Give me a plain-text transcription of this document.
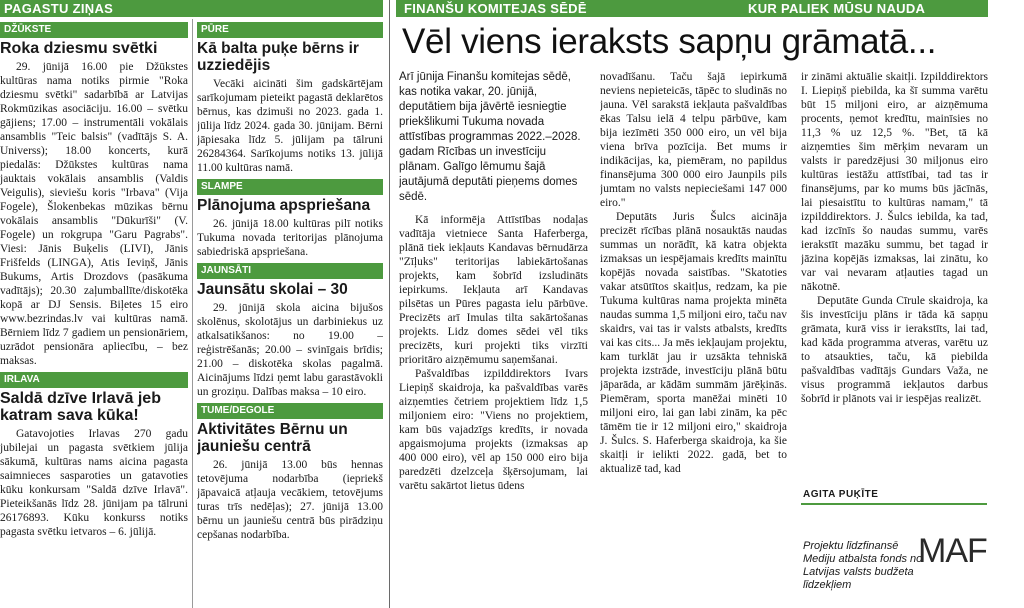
PAGASTU ZIŅAS	FINANŠU KOMITEJAS SĒDĒ	KUR PALIEK MŪSU NAUDA
DŽŪKSTE
Roka dziesmu svētki

29. jūnijā 16.00 pie Džūkstes kultūras nama notiks pirmie "Roka dziesmu svētki" sadarbībā ar Latvijas Rokmūzikas asociāciju. 16.00 – svētku gājiens; 17.00 – instrumentāli vokālais ansamblis "Teic balsis" (vadītājs S. A. Universs); 18.00 koncerts, kurā piedalās: Džūkstes kultūras nama jauktais vokālais ansamblis (Valdis Veigulis), sieviešu koris "Irbava" (Vija Fogele), Šlokenbekas mūzikas bērnu vokālais ansamblis "Dūkurīši" (V. Fogele) un rokgrupa "Garu Pagrabs". Viesi: Jānis Buķelis (LIVI), Jānis Frišfelds (LINGA), Atis Ieviņš, Jānis Bukums, Artis Drozdovs (pasākuma vadītājs); 20.30 zaļumballīte/diskotēka kopā ar DJ Sensis. Biļetes 15 eiro www.bezrindas.lv vai kultūras namā. Bērniem līdz 7 gadiem un pensionāriem, uzrādot pensionāra apliecību, – bez maksas.

IRLAVA
Saldā dzīve Irlavā jeb katram sava kūka!

Gatavojoties Irlavas 270 gadu jubilejai un pagasta svētkiem jūlija sākumā, kultūras nams aicina pagasta saimnieces sasparoties un gatavoties kūku konkursam "Saldā dzīve Irlavā". Pieteikšanās līdz 28. jūnijam pa tālruni 26176893. Kūku konkurss notiks pagasta svētku ietvaros – 6. jūlijā.

PŪRE
Kā balta puķe bērns ir uzziedējis

Vecāki aicināti šim gadskārtējam sarīkojumam pieteikt pagastā deklarētos bērnus, kas dzimuši no 2023. gada 1. jūlija līdz 2024. gada 30. jūnijam. Bērni jāpiesaka līdz 5. jūlijam pa tālruni 26284364. Sarīkojums notiks 13. jūlijā 11.00 kultūras namā.

SLAMPE
Plānojuma apspriešana

26. jūnijā 18.00 kultūras pilī notiks Tukuma novada teritorijas plānojuma sabiedriskā apspriešana.

JAUNSĀTI
Jaunsātu skolai – 30

29. jūnijā skola aicina bijušos skolēnus, skolotājus un darbiniekus uz atkalsatikšanos: no 19.00 – reģistrēšanās; 20.00 – svinīgais brīdis; 21.00 – diskotēka skolas pagalmā. Aicinājums līdzi ņemt labu garastāvokli un groziņu. Dalības maksa – 10 eiro.

TUME/DEGOLE
Aktivitātes Bērnu un jauniešu centrā

26. jūnijā 13.00 būs hennas tetovējuma nodarbība (iepriekš jāpavaicā atļauja vecākiem, tetovējums turas trīs nedēļas); 27. jūnijā 13.00 bērnu un jauniešu centrā būs pirādziņu cepšanas nodarbība.

Vēl viens ieraksts sapņu grāmatā...

Arī jūnija Finanšu komitejas sēdē, kas notika vakar, 20. jūnijā, deputātiem bija jāvērtē iesniegtie priekšlikumi Tukuma novada attīstības programmas 2022.–2028. gadam Rīcības un investīciju plānam. Galīgo lēmumu šajā jautājumā deputāti pieņems domes sēdē.

Kā informēja Attīstības nodaļas vadītāja vietniece Santa Haferberga, plānā tiek iekļauts Kandavas bērnudārza "Zīļuks" teritorijas labiekārtošanas projekts, kam šobrīd izsludināts iepirkums. Iekļauta arī Kandavas pilsētas un Pūres pagasta ielu pārbūve. Precizēts arī Imulas tilta sakārtošanas projekts. Lidz domes sēdei vēl tiks precizēts, kuri projekti tiks virzīti prioritāro aizņēmumu saņemšanai.

Pašvaldības izpilddirektors Ivars Liepiņš skaidroja, ka pašvaldības varēs aizņemties četriem projektiem līdz 1,5 miljoniem eiro: "Viens no projektiem, kam būs vajadzīgs kredīts, ir novada apgaismojuma projekts (izmaksas ap 400 000 eiro), vēl ap 150 000 eiro bija paredzēti dzelzceļa šķērsojumam, lai varētu sakārtot lietus ūdens

novadīšanu. Taču šajā iepirkumā neviens nepieteicās, tāpēc to sludinās no jauna. Vēl sarakstā iekļauta pašvaldības ēkas Talsu ielā 4 telpu pārbūve, kam bija iezīmēti 350 000 eiro, un vēl bija viena brīva pozīcija. Bet mums ir indikācijas, ka, piemēram, no papildus finansējuma 300 000 eiro Jaunpils pils jumtam no valsts nepieciešami 147 000 eiro."

Deputāts Juris Šulcs aicināja precizēt rīcības plānā nosauktās naudas summas un norādīt, kā katra objekta izmaksas un iespējamais kredīts mainītu kopējās novada saistības. "Skatoties vakar atsūtītos skaitļus, redzam, ka pie Tukuma kultūras nama projekta minēta naudas summa 1,5 miljoni eiro, taču nav skaidrs, vai tas ir valsts atbalsts, kredīts vai kas cits... Ja mēs iekļaujam projektu, kam turklāt jau ir uzsākta tehniskā projekta izstrāde, investīciju plānā būtu jāparāda, ar kādām summām jārēķinās. Piemēram, sporta manēžai minēti 10 miljoni eiro, lai gan labi zinām, ka pēc tāmēm tie ir 12 miljoni eiro," skaidroja J. Šulcs. S. Haferberga skaidroja, ka šie skaitļi ir ielikti 2022. gadā, bet to aktualizē tad, kad

ir zināmi aktuālie skaitļi. Izpilddirektors I. Liepiņš piebilda, ka šī summa varētu būt 15 miljoni eiro, ar aizņēmuma procents, ņemot kredītu, mainīsies no 11,3 % uz 12,5 %. "Bet, tā kā aizņemties šim mērķim nevaram un valsts ir paredzējusi 30 miljonus eiro kultūras iestāžu attīstībai, tad tas ir finansējums, par ko mums būs jācīnās, lai piesaistītu to kultūras namam," tā izpilddirektors. J. Šulcs iebilda, ka tad, kad izcīnīs šo naudas summu, varēs ierakstīt mazāku summu, bet tagad ir jāzina kopējās izmaksas, lai zinātu, ko var vai nevaram atļauties tagad un nākotnē.

Deputāte Gunda Cīrule skaidroja, ka šis investīciju plāns ir tāda kā sapņu grāmata, kurā viss ir ierakstīts, lai tad, kad kāda programma atveras, varētu uz to atsaukties, taču, kā piebilda pašvaldības vadītājs Gundars Važa, ne visus programmā iekļautos darbus šobrīd ir plānots vai ir iespējas realizēt.

AGITA PUĶĪTE
Projektu līdzfinansē Mediju atbalsta fonds no Latvijas valsts budžeta līdzekļiem
MAF
